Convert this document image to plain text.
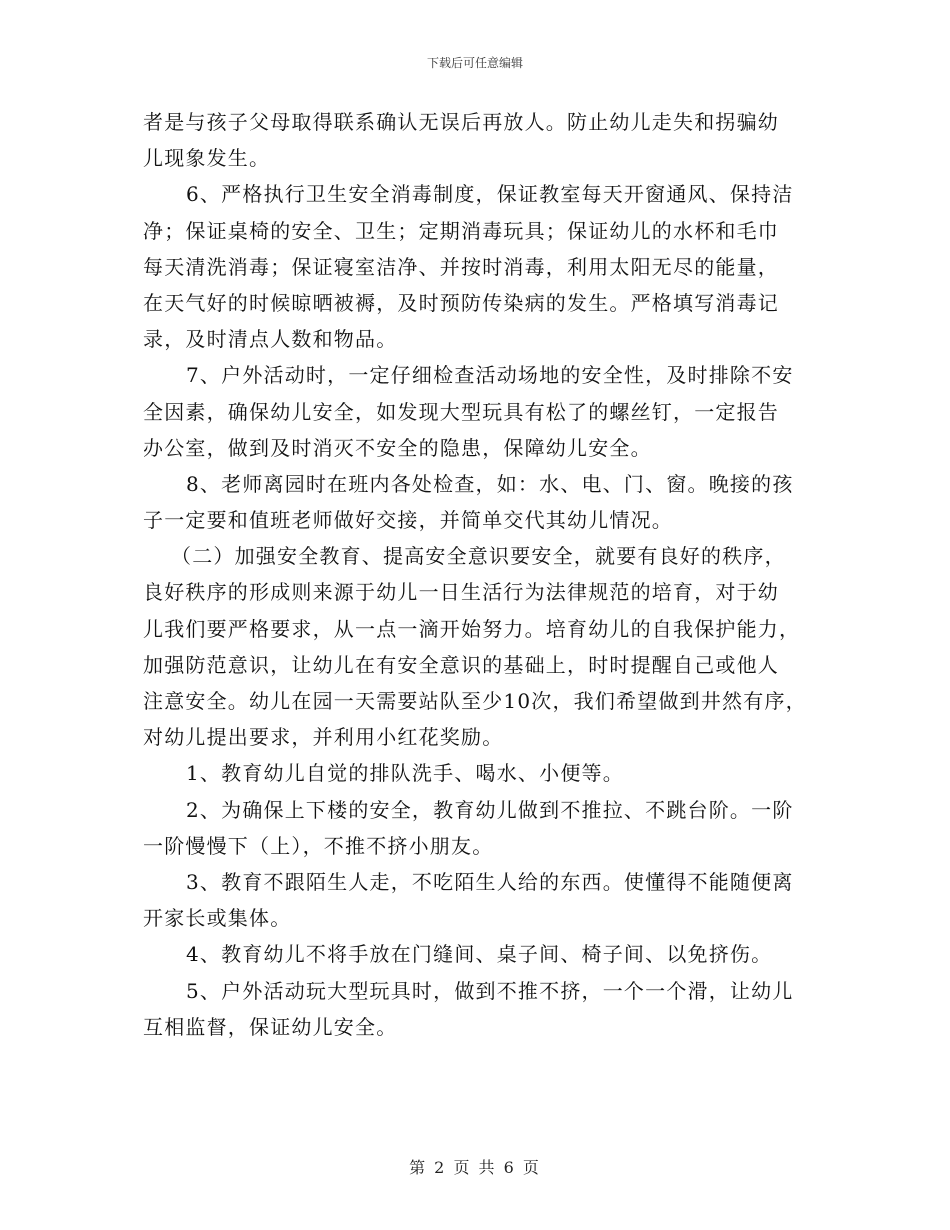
下载后可任意编辑
者是与孩子父母取得联系确认无误后再放人。防止幼儿走失和拐骗幼
儿现象发生。
6、严格执行卫生安全消毒制度，保证教室每天开窗通风、保持洁
净；保证桌椅的安全、卫生；定期消毒玩具；保证幼儿的水杯和毛巾
每天清洗消毒；保证寝室洁净、并按时消毒，利用太阳无尽的能量，
在天气好的时候晾晒被褥，及时预防传染病的发生。严格填写消毒记
录，及时清点人数和物品。
7、户外活动时，一定仔细检查活动场地的安全性，及时排除不安
全因素，确保幼儿安全，如发现大型玩具有松了的螺丝钉，一定报告
办公室，做到及时消灭不安全的隐患，保障幼儿安全。
8、老师离园时在班内各处检查，如：水、电、门、窗。晚接的孩
子一定要和值班老师做好交接，并简单交代其幼儿情况。
（二）加强安全教育、提高安全意识要安全，就要有良好的秩序，
良好秩序的形成则来源于幼儿一日生活行为法律规范的培育，对于幼
儿我们要严格要求，从一点一滴开始努力。培育幼儿的自我保护能力，
加强防范意识，让幼儿在有安全意识的基础上，时时提醒自己或他人
注意安全。幼儿在园一天需要站队至少10次，我们希望做到井然有序，
对幼儿提出要求，并利用小红花奖励。
1、教育幼儿自觉的排队洗手、喝水、小便等。
2、为确保上下楼的安全，教育幼儿做到不推拉、不跳台阶。一阶
一阶慢慢下（上），不推不挤小朋友。
3、教育不跟陌生人走，不吃陌生人给的东西。使懂得不能随便离
开家长或集体。
4、教育幼儿不将手放在门缝间、桌子间、椅子间、以免挤伤。
5、户外活动玩大型玩具时，做到不推不挤，一个一个滑，让幼儿
互相监督，保证幼儿安全。
第 2 页 共 6 页
